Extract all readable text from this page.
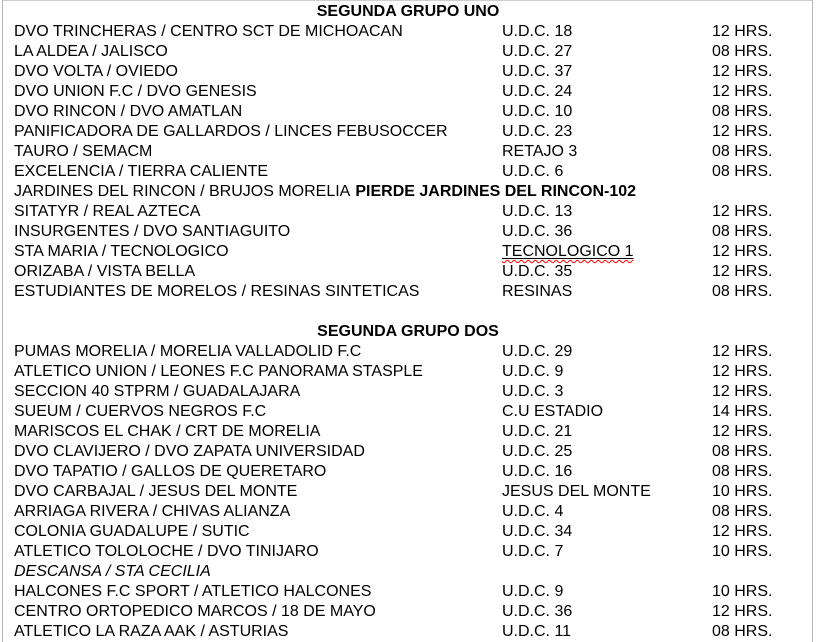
SEGUNDA GRUPO UNO
DVO TRINCHERAS / CENTRO SCT DE MICHOACAN	U.D.C. 18	12 HRS.
LA ALDEA / JALISCO	U.D.C. 27	08 HRS.
DVO VOLTA / OVIEDO	U.D.C. 37	12 HRS.
DVO UNION F.C / DVO GENESIS	U.D.C. 24	12 HRS.
DVO RINCON / DVO AMATLAN	U.D.C. 10	08 HRS.
PANIFICADORA DE GALLARDOS / LINCES FEBUSOCCER	U.D.C. 23	12 HRS.
TAURO / SEMACM	RETAJO 3	08 HRS.
EXCELENCIA / TIERRA CALIENTE	U.D.C. 6	08 HRS.
JARDINES DEL RINCON / BRUJOS MORELIA PIERDE JARDINES DEL RINCON-102
SITATYR / REAL AZTECA	U.D.C. 13	12 HRS.
INSURGENTES / DVO SANTIAGUITO	U.D.C. 36	08 HRS.
STA MARIA / TECNOLOGICO	TECNOLOGICO 1	12 HRS.
ORIZABA / VISTA BELLA	U.D.C. 35	12 HRS.
ESTUDIANTES DE MORELOS / RESINAS SINTETICAS	RESINAS	08 HRS.
SEGUNDA GRUPO DOS
PUMAS MORELIA / MORELIA VALLADOLID F.C	U.D.C. 29	12 HRS.
ATLETICO UNION / LEONES F.C PANORAMA STASPLE	U.D.C. 9	12 HRS.
SECCION 40 STPRM / GUADALAJARA	U.D.C. 3	12 HRS.
SUEUM / CUERVOS NEGROS F.C	C.U ESTADIO	14 HRS.
MARISCOS EL CHAK / CRT DE MORELIA	U.D.C. 21	12 HRS.
DVO CLAVIJERO / DVO ZAPATA UNIVERSIDAD	U.D.C. 25	08 HRS.
DVO TAPATIO / GALLOS DE QUERETARO	U.D.C. 16	08 HRS.
DVO CARBAJAL / JESUS DEL MONTE	JESUS DEL MONTE	10 HRS.
ARRIAGA RIVERA / CHIVAS ALIANZA	U.D.C. 4	08 HRS.
COLONIA GUADALUPE / SUTIC	U.D.C. 34	12 HRS.
ATLETICO TOLOLOCHE / DVO TINIJARO	U.D.C. 7	10 HRS.
DESCANSA / STA CECILIA
HALCONES F.C SPORT / ATLETICO HALCONES	U.D.C. 9	10 HRS.
CENTRO ORTOPEDICO MARCOS / 18 DE MAYO	U.D.C. 36	12 HRS.
ATLETICO LA RAZA AAK / ASTURIAS	U.D.C. 11	08 HRS.
